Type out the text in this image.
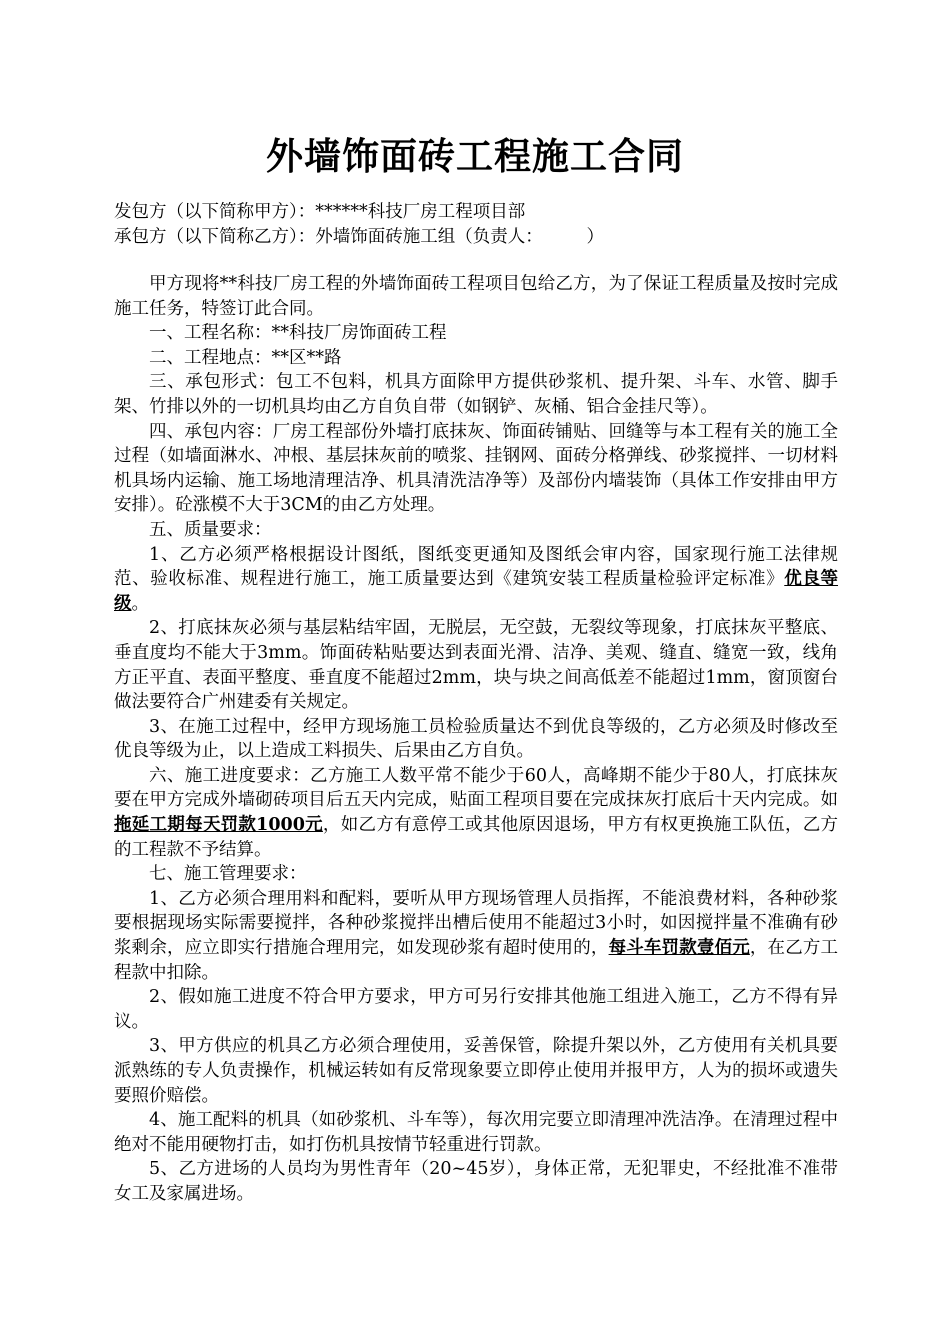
外墙饰面砖工程施工合同
发包方（以下简称甲方）：******科技厂房工程项目部
承包方（以下简称乙方）：外墙饰面砖施工组（负责人：　　　）

甲方现将**科技厂房工程的外墙饰面砖工程项目包给乙方，为了保证工程质量及按时完成施工任务，特签订此合同。

一、工程名称：**科技厂房饰面砖工程

二、工程地点：**区**路

三、承包形式：包工不包料，机具方面除甲方提供砂浆机、提升架、斗车、水管、脚手架、竹排以外的一切机具均由乙方自负自带（如钢铲、灰桶、铝合金挂尺等）。

四、承包内容：厂房工程部份外墙打底抹灰、饰面砖铺贴、回缝等与本工程有关的施工全过程（如墙面淋水、冲根、基层抹灰前的喷浆、挂钢网、面砖分格弹线、砂浆搅拌、一切材料机具场内运输、施工场地清理洁净、机具清洗洁净等）及部份内墙装饰（具体工作安排由甲方安排）。砼涨模不大于3CM的由乙方处理。

五、质量要求：

1、乙方必须严格根据设计图纸，图纸变更通知及图纸会审内容，国家现行施工法律规范、验收标准、规程进行施工，施工质量要达到《建筑安装工程质量检验评定标准》优良等级。

2、打底抹灰必须与基层粘结牢固，无脱层，无空鼓，无裂纹等现象，打底抹灰平整底、垂直度均不能大于3mm。饰面砖粘贴要达到表面光滑、洁净、美观、缝直、缝宽一致，线角方正平直、表面平整度、垂直度不能超过2mm，块与块之间高低差不能超过1mm，窗顶窗台做法要符合广州建委有关规定。

3、在施工过程中，经甲方现场施工员检验质量达不到优良等级的，乙方必须及时修改至优良等级为止，以上造成工料损失、后果由乙方自负。

六、施工进度要求：乙方施工人数平常不能少于60人，高峰期不能少于80人，打底抹灰要在甲方完成外墙砌砖项目后五天内完成，贴面工程项目要在完成抹灰打底后十天内完成。如拖延工期每天罚款1000元，如乙方有意停工或其他原因退场，甲方有权更换施工队伍，乙方的工程款不予结算。

七、施工管理要求：

1、乙方必须合理用料和配料，要听从甲方现场管理人员指挥，不能浪费材料，各种砂浆要根据现场实际需要搅拌，各种砂浆搅拌出槽后使用不能超过3小时，如因搅拌量不准确有砂浆剩余，应立即实行措施合理用完，如发现砂浆有超时使用的，每斗车罚款壹佰元，在乙方工程款中扣除。

2、假如施工进度不符合甲方要求，甲方可另行安排其他施工组进入施工，乙方不得有异议。

3、甲方供应的机具乙方必须合理使用，妥善保管，除提升架以外，乙方使用有关机具要派熟练的专人负责操作，机械运转如有反常现象要立即停止使用并报甲方，人为的损坏或遗失要照价赔偿。

4、施工配料的机具（如砂浆机、斗车等），每次用完要立即清理冲洗洁净。在清理过程中绝对不能用硬物打击，如打伤机具按情节轻重进行罚款。

5、乙方进场的人员均为男性青年（20~45岁），身体正常，无犯罪史，不经批准不准带女工及家属进场。
